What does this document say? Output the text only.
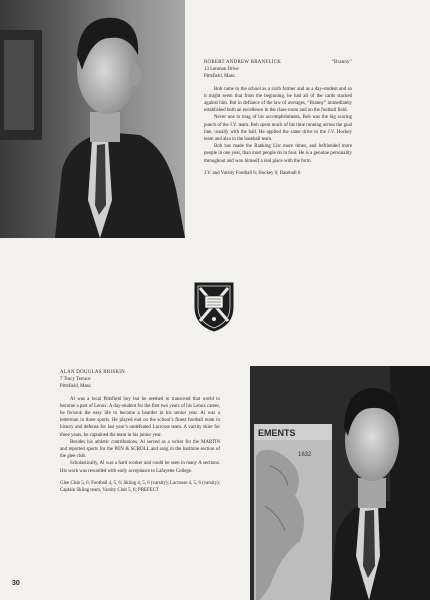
ROBERT ANDREW BRANFLICK	“Branny”

13 Lenman Drive

Pittsfield, Mass.

Bob came to the school as a sixth former and as a day-student and so it might seem that from the beginning, he had all of the cards stacked against him. But in defiance of the law of averages, “Branny” immediately established both an excellence in the class-room and on the football field.

Never one to brag of his accomplishments, Bob was the big scoring punch of the J.V. team. Bob spent much of his time running across the goal line, usually with the ball. He applied the same drive to the J.V. Hockey team and also to the baseball team.

Bob has made the Ranking List more times, and befriended more people in one year, than most people do in four. He is a genuine personality throughout and won himself a real place with the form.

J.V. and Varsity Football 6; Hockey 6; Baseball 6

ALAN DOUGLAS BRISKIN

7 Tracy Terrace

Pittsfield, Mass.

Al was a local Pittsfield boy but he seemed to transcend that world to become a part of Lenox. A day-student for the first two years of his Lenox career, he forsook the easy life to become a boarder in his senior year. Al was a letterman in three sports. He played end on the school’s finest football team in history and defense for last year’s undefeated Lacrosse team. A varsity skier for three years, he captained the team in his junior year.

Besides his athletic contributions, Al served as a writer for the MARTIN and reported sports for the PEN & SCROLL and sang in the baritone section of the glee club.

Scholastically, Al was a hard worker and could be seen in many A sections. His work was rewarded with early acceptance to Lafayette College.

Glee Club 5, 6; Football 4, 5, 6; Skiing 4, 5, 6 (varsity); Lacrosse 4, 5, 6 (varsity); Captain Skiing team, Varsity Club 5, 6; PREFECT

EMENTS
1632
30
